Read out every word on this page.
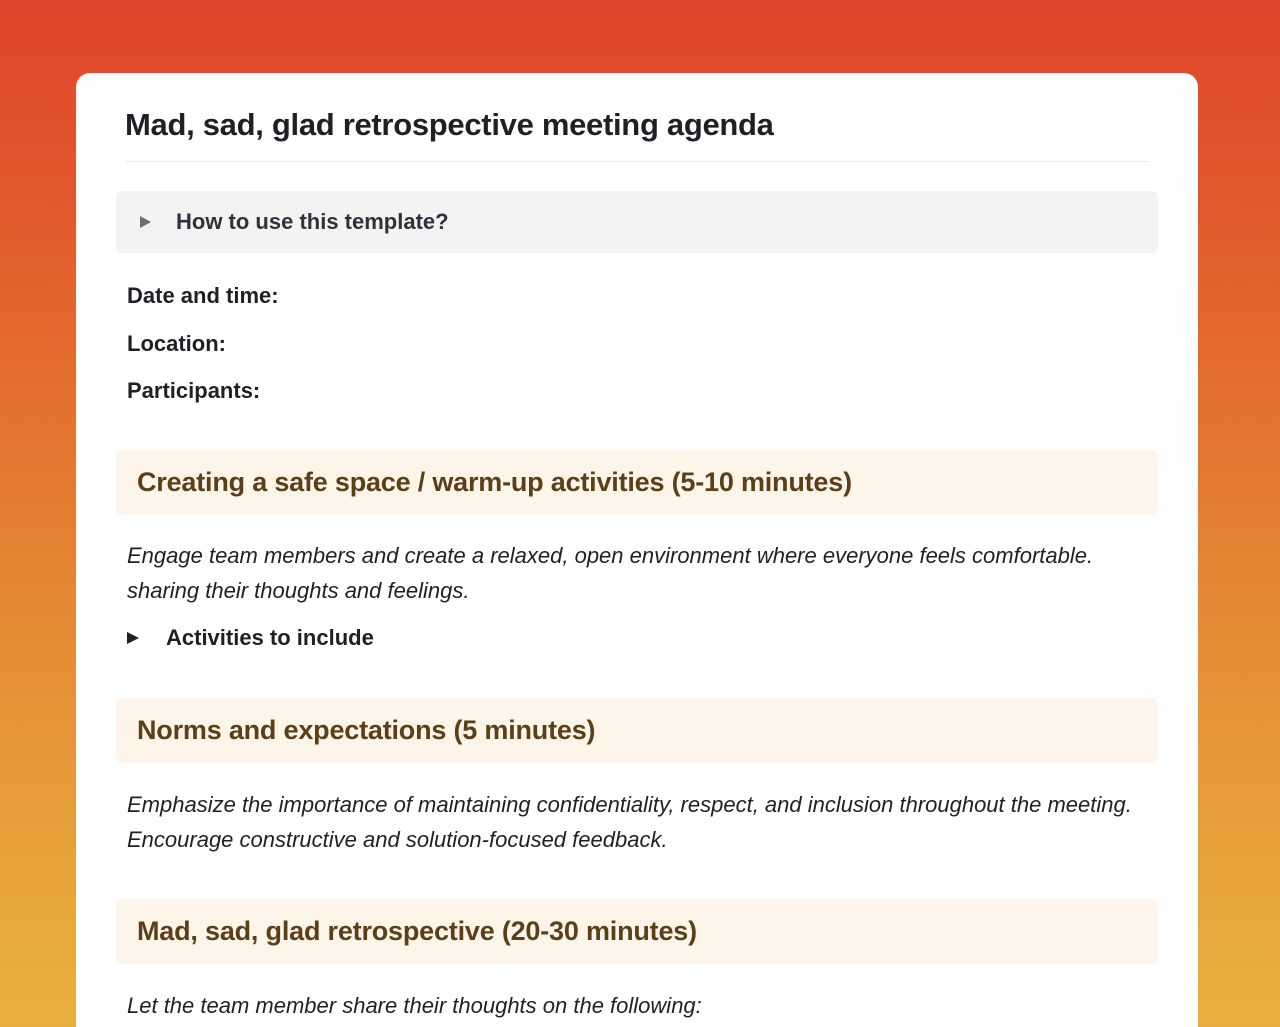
Mad, sad, glad retrospective meeting agenda
How to use this template?
Date and time:
Location:
Participants:
Creating a safe space / warm-up activities (5-10 minutes)

Engage team members and create a relaxed, open environment where everyone feels comfortable. sharing their thoughts and feelings.

Activities to include
Norms and expectations (5 minutes)

Emphasize the importance of maintaining confidentiality, respect, and inclusion throughout the meeting. Encourage constructive and solution-focused feedback.

Mad, sad, glad retrospective (20-30 minutes)

Let the team member share their thoughts on the following:
